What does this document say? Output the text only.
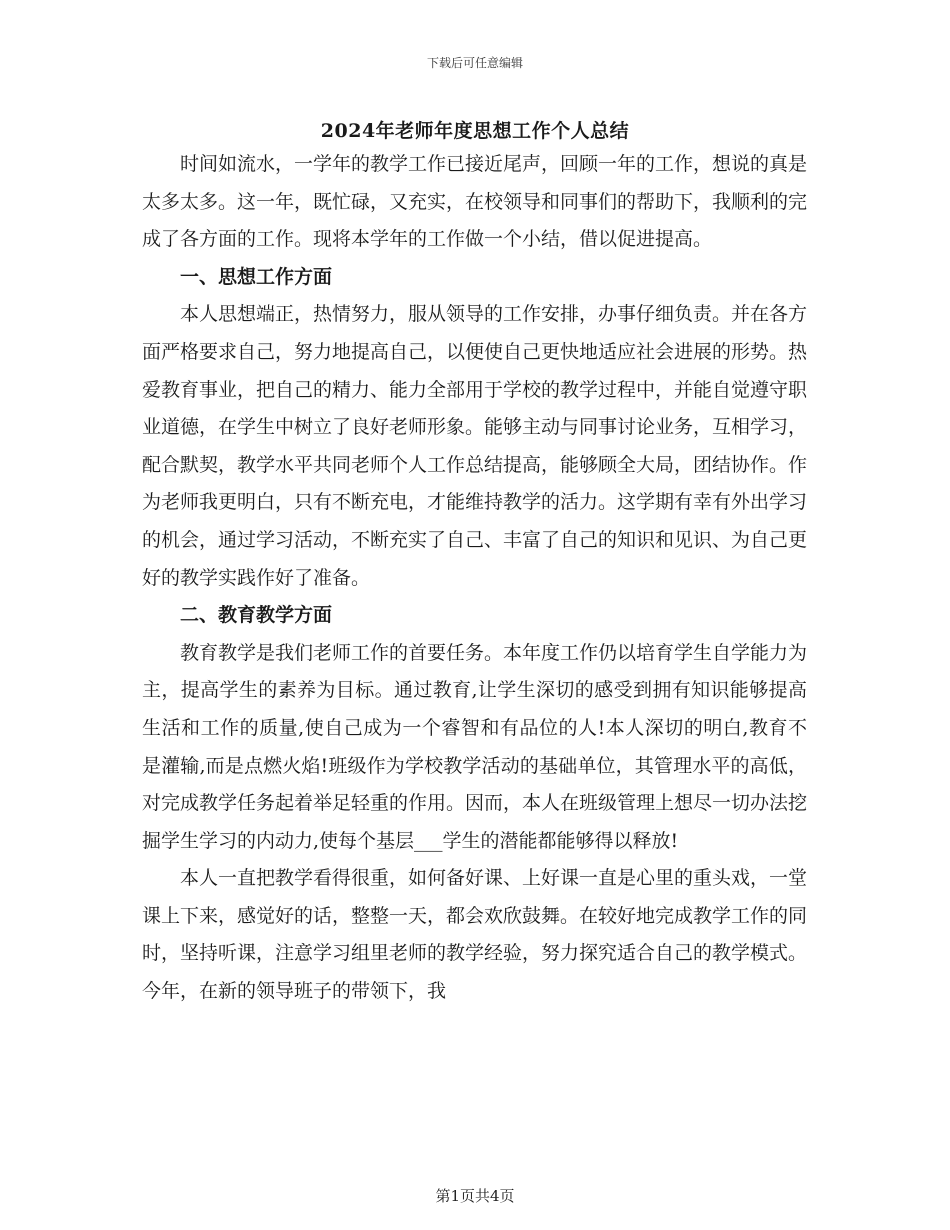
下载后可任意编辑
2024年老师年度思想工作个人总结

时间如流水，一学年的教学工作已接近尾声，回顾一年的工作，想说的真是太多太多。这一年，既忙碌，又充实，在校领导和同事们的帮助下，我顺利的完成了各方面的工作。现将本学年的工作做一个小结，借以促进提高。

一、思想工作方面

本人思想端正，热情努力，服从领导的工作安排，办事仔细负责。并在各方面严格要求自己，努力地提高自己，以便使自己更快地适应社会进展的形势。热爱教育事业，把自己的精力、能力全部用于学校的教学过程中，并能自觉遵守职业道德，在学生中树立了良好老师形象。能够主动与同事讨论业务，互相学习，配合默契，教学水平共同老师个人工作总结提高，能够顾全大局，团结协作。作为老师我更明白，只有不断充电，才能维持教学的活力。这学期有幸有外出学习的机会，通过学习活动，不断充实了自己、丰富了自己的知识和见识、为自己更好的教学实践作好了准备。

二、教育教学方面

教育教学是我们老师工作的首要任务。本年度工作仍以培育学生自学能力为主，提高学生的素养为目标。通过教育,让学生深切的感受到拥有知识能够提高生活和工作的质量,使自己成为一个睿智和有品位的人!本人深切的明白,教育不是灌输,而是点燃火焰!班级作为学校教学活动的基础单位，其管理水平的高低，对完成教学任务起着举足轻重的作用。因而，本人在班级管理上想尽一切办法挖掘学生学习的内动力,使每个基层___学生的潜能都能够得以释放!

本人一直把教学看得很重，如何备好课、上好课一直是心里的重头戏，一堂课上下来，感觉好的话，整整一天，都会欢欣鼓舞。在较好地完成教学工作的同时，坚持听课，注意学习组里老师的教学经验，努力探究适合自己的教学模式。今年，在新的领导班子的带领下，我

第1页共4页
